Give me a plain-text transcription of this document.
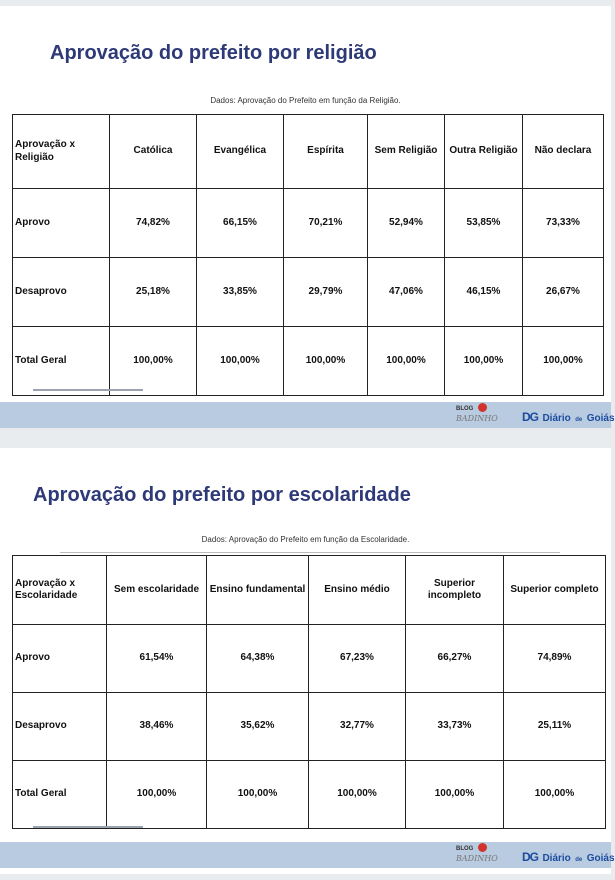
Aprovação do prefeito por religião
Dados: Aprovação do Prefeito em função da Religião.
Aprovação x Religião	Católica	Evangélica	Espírita	Sem Religião	Outra Religião	Não declara
Aprovo	74,82%	66,15%	70,21%	52,94%	53,85%	73,33%
Desaprovo	25,18%	33,85%	29,79%	47,06%	46,15%	26,67%
Total Geral	100,00%	100,00%	100,00%	100,00%	100,00%	100,00%
BLOG
BADINHO DG Diário de Goiás
Aprovação do prefeito por escolaridade
Dados: Aprovação do Prefeito em função da Escolaridade.
Aprovação x Escolaridade	Sem escolaridade	Ensino fundamental	Ensino médio	Superior incompleto	Superior completo
Aprovo	61,54%	64,38%	67,23%	66,27%	74,89%
Desaprovo	38,46%	35,62%	32,77%	33,73%	25,11%
Total Geral	100,00%	100,00%	100,00%	100,00%	100,00%
BLOG
BADINHO DG Diário de Goiás
